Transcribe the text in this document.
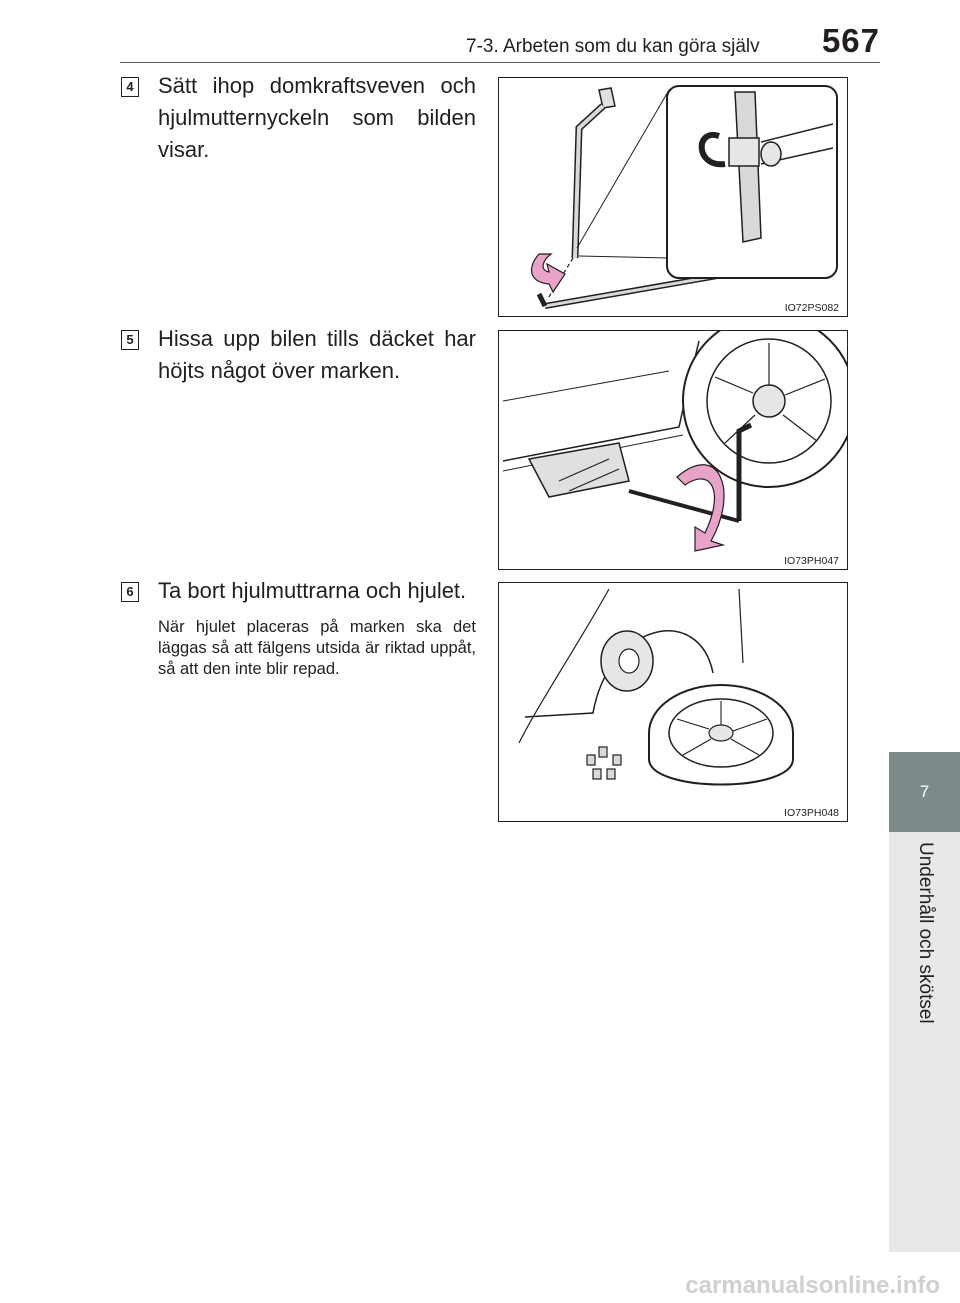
7-3. Arbeten som du kan göra själv 567
7
Underhåll och skötsel
4 Sätt ihop domkraftsveven och hjulmutternyckeln som bilden visar.
IO72PS082
5 Hissa upp bilen tills däcket har höjts något över marken.
IO73PH047
6 Ta bort hjulmuttrarna och hjulet.
När hjulet placeras på marken ska det läggas så att fälgens utsida är riktad uppåt, så att den inte blir repad.
IO73PH048
carmanualsonline.info
